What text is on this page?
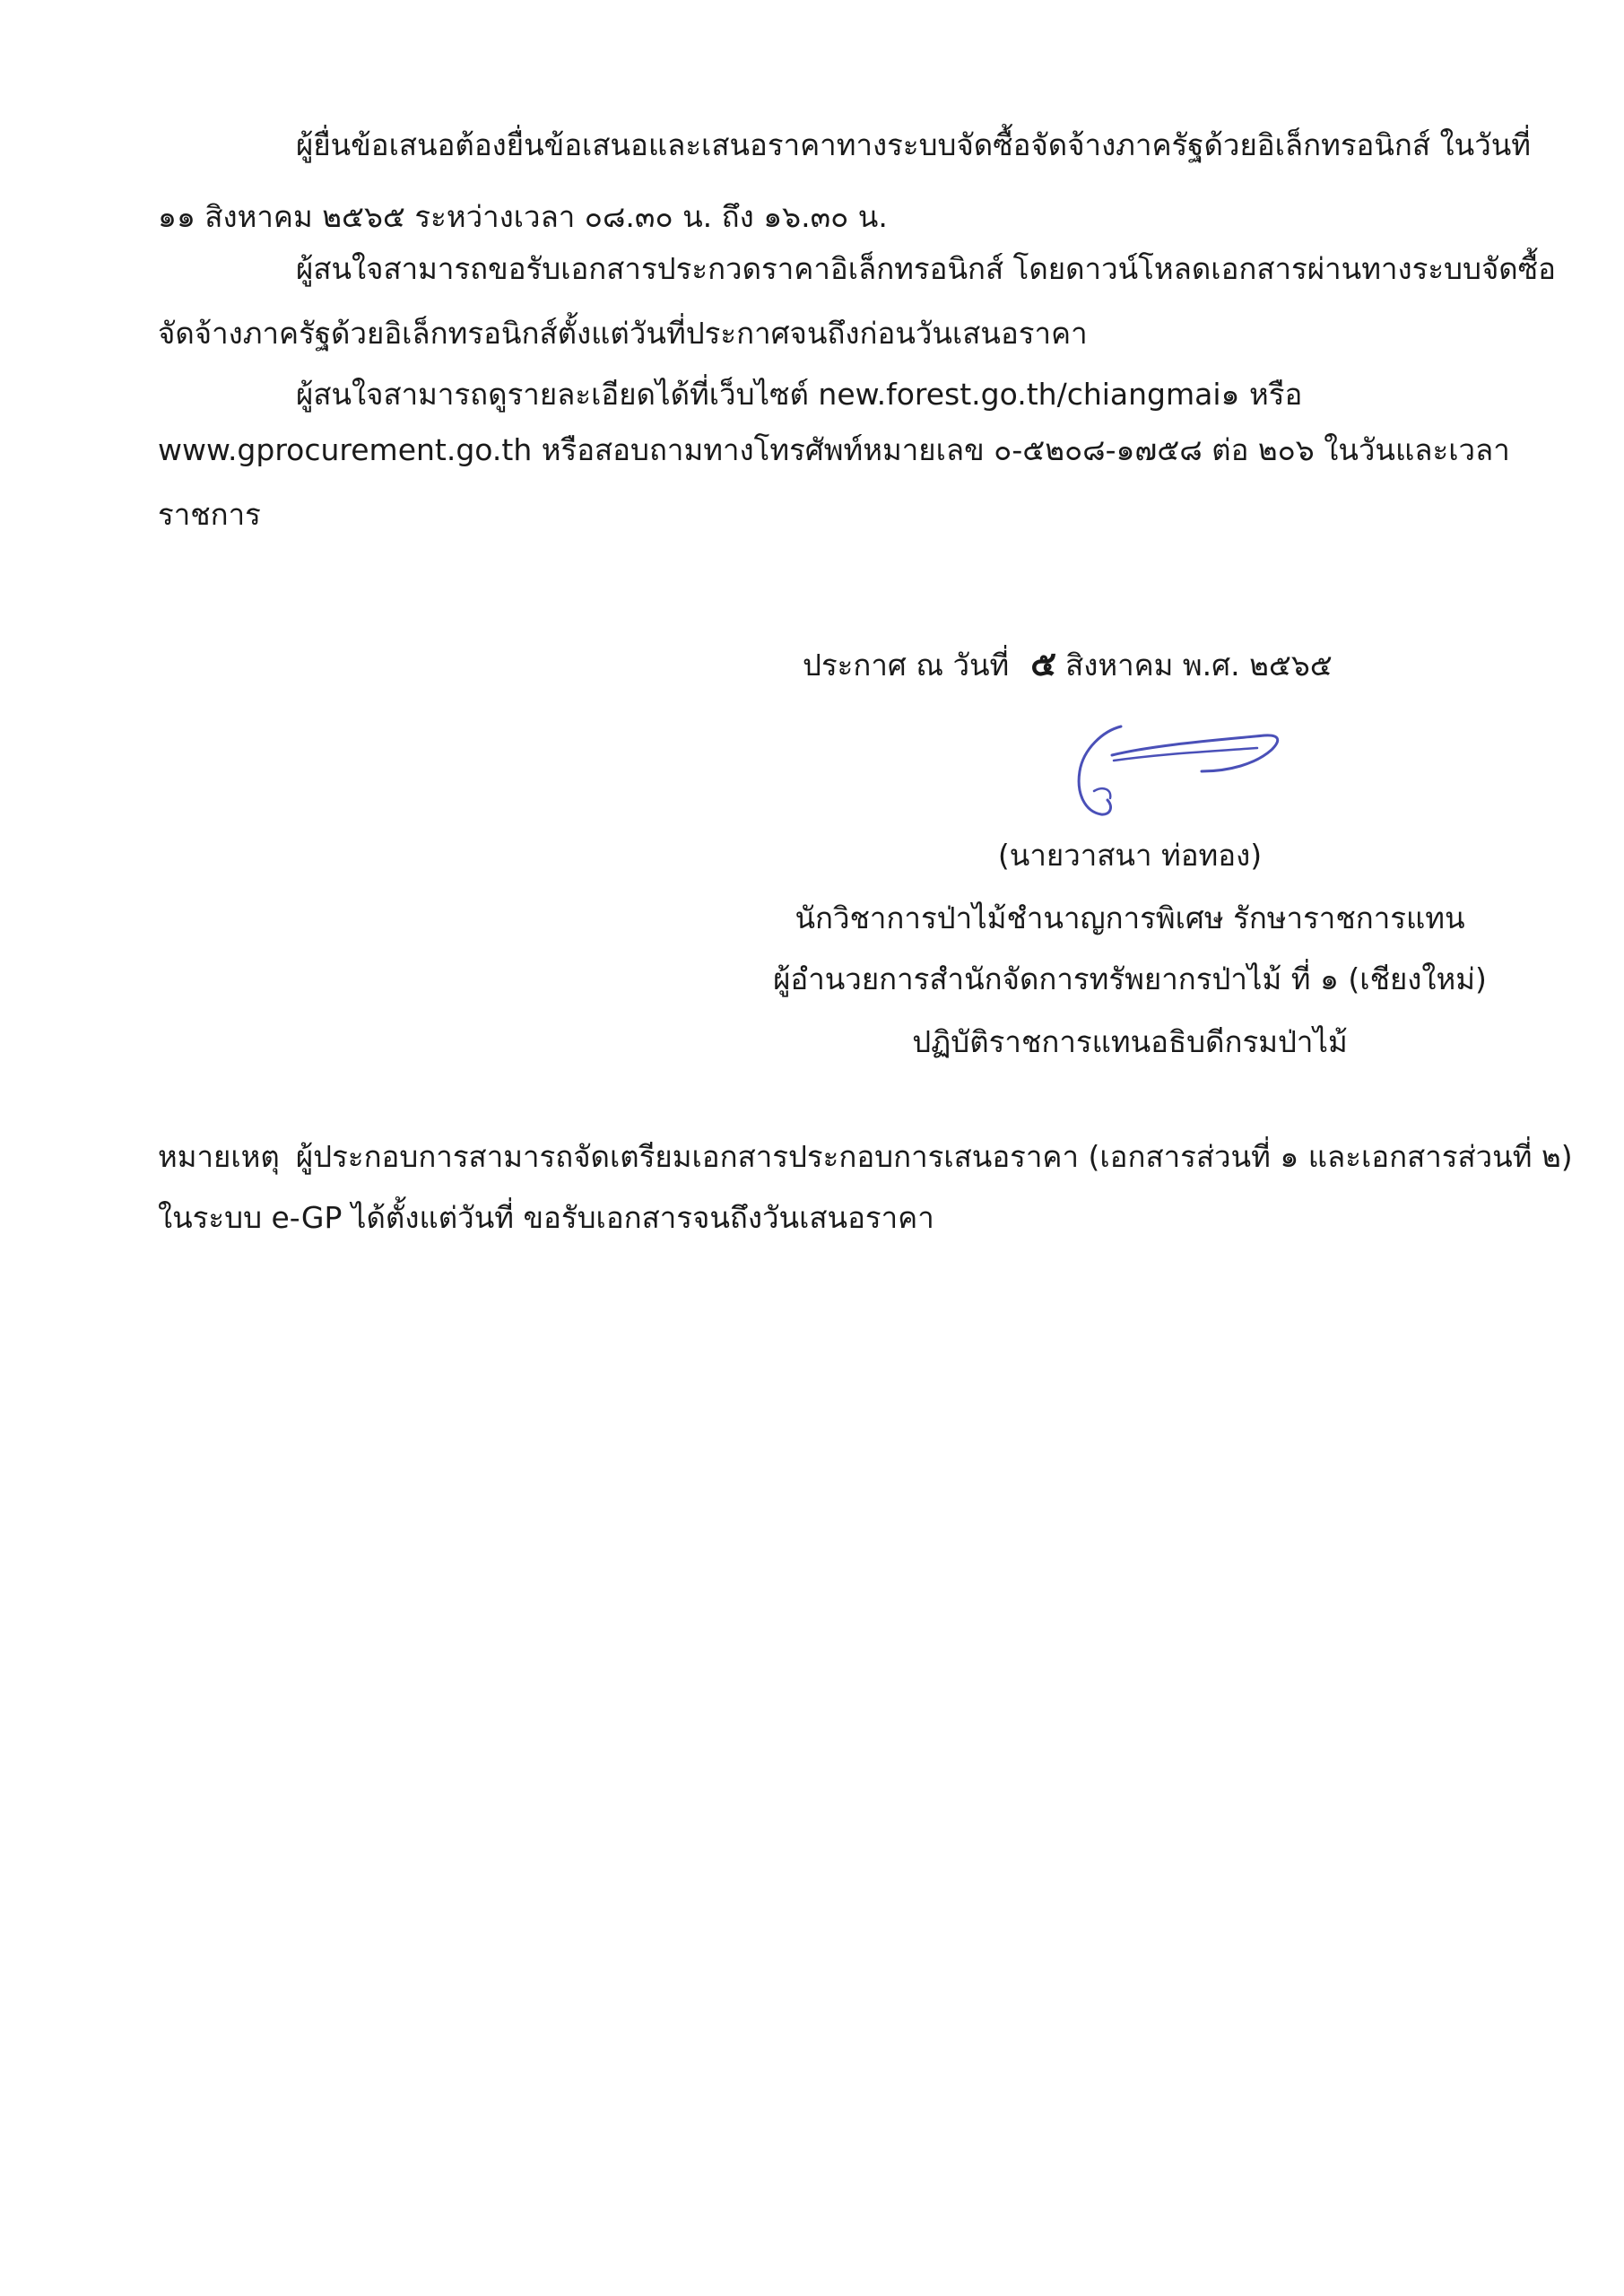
ผู้ยื่นข้อเสนอต้องยื่นข้อเสนอและเสนอราคาทางระบบจัดซื้อจัดจ้างภาครัฐด้วยอิเล็กทรอนิกส์ ในวันที่
๑๑ สิงหาคม ๒๕๖๕ ระหว่างเวลา ๐๘.๓๐ น. ถึง ๑๖.๓๐ น.
ผู้สนใจสามารถขอรับเอกสารประกวดราคาอิเล็กทรอนิกส์ โดยดาวน์โหลดเอกสารผ่านทางระบบจัดซื้อ
จัดจ้างภาครัฐด้วยอิเล็กทรอนิกส์ตั้งแต่วันที่ประกาศจนถึงก่อนวันเสนอราคา
ผู้สนใจสามารถดูรายละเอียดได้ที่เว็บไซต์ new.forest.go.th/chiangmai๑ หรือ
www.gprocurement.go.th หรือสอบถามทางโทรศัพท์หมายเลข ๐-๕๒๐๘-๑๗๕๘ ต่อ ๒๐๖ ในวันและเวลา
ราชการ
ประกาศ ณ วันที่ ๕ สิงหาคม พ.ศ. ๒๕๖๕
(นายวาสนา ท่อทอง)
นักวิชาการป่าไม้ชำนาญการพิเศษ รักษาราชการแทน
ผู้อำนวยการสำนักจัดการทรัพยากรป่าไม้ ที่ ๑ (เชียงใหม่)
ปฏิบัติราชการแทนอธิบดีกรมป่าไม้
หมายเหตุ ผู้ประกอบการสามารถจัดเตรียมเอกสารประกอบการเสนอราคา (เอกสารส่วนที่ ๑ และเอกสารส่วนที่ ๒)
ในระบบ e-GP ได้ตั้งแต่วันที่ ขอรับเอกสารจนถึงวันเสนอราคา
